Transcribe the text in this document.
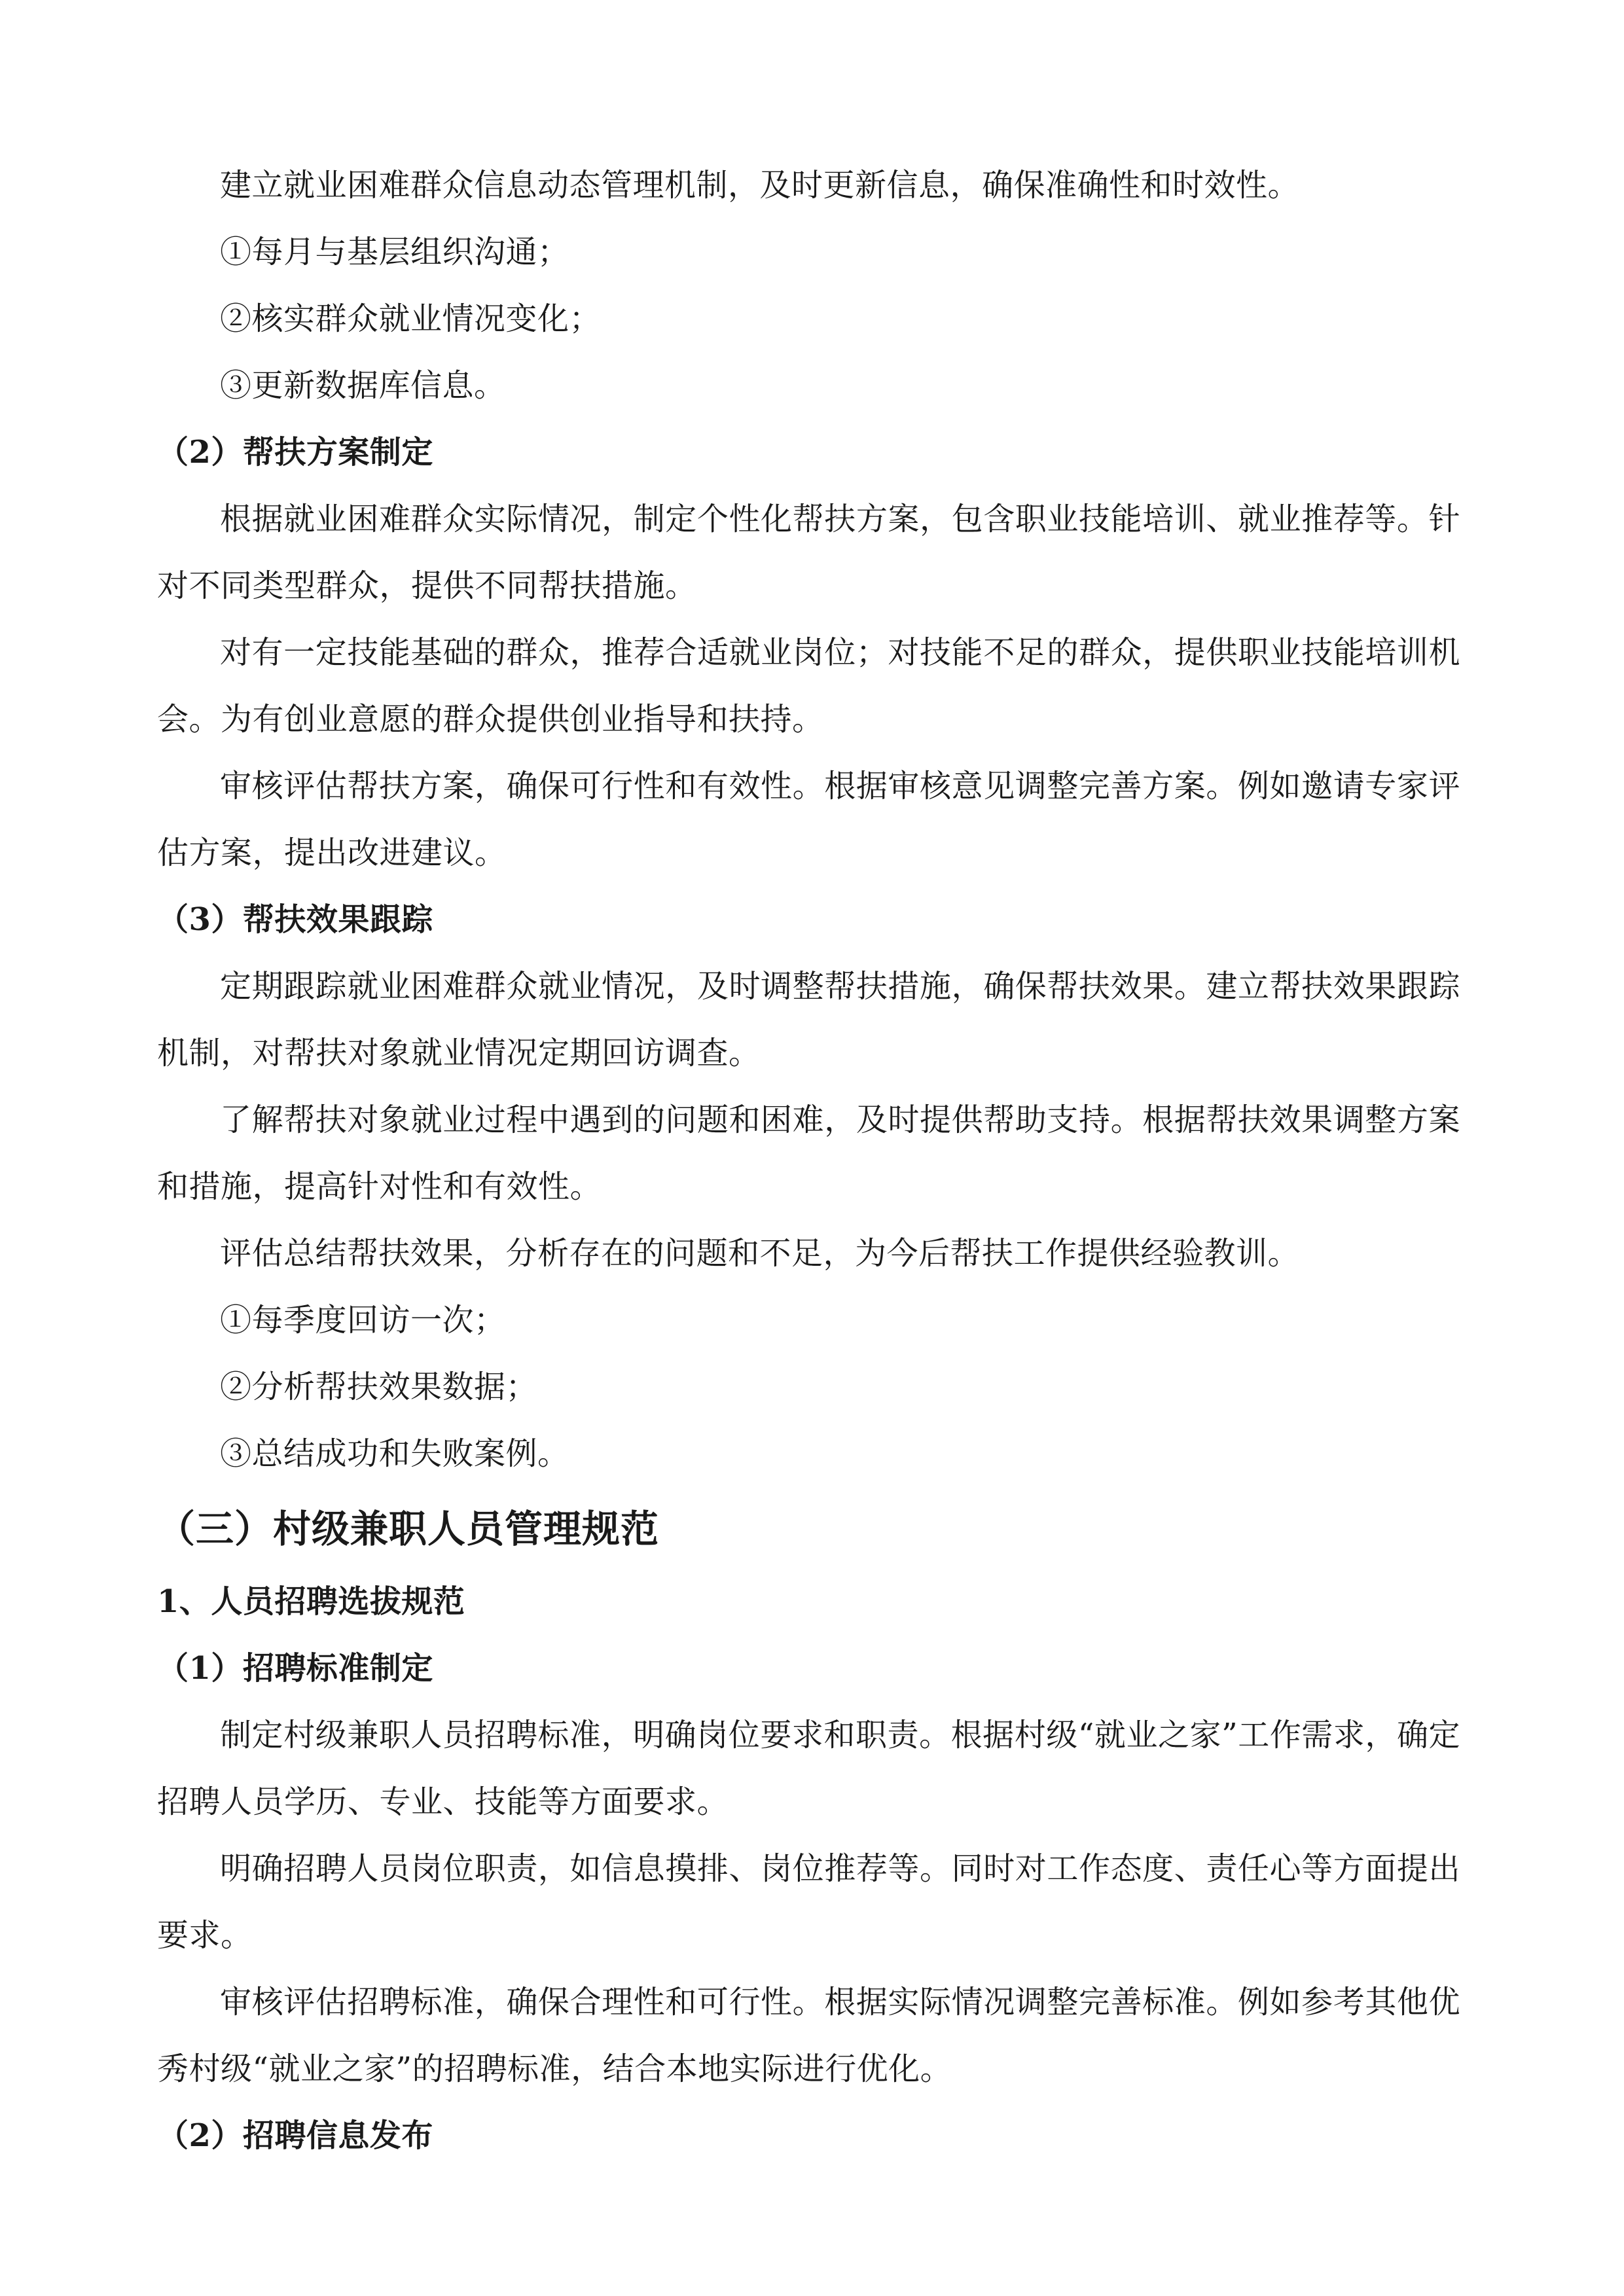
建立就业困难群众信息动态管理机制，及时更新信息，确保准确性和时效性。

①每月与基层组织沟通；

②核实群众就业情况变化；

③更新数据库信息。

（2）帮扶方案制定

根据就业困难群众实际情况，制定个性化帮扶方案，包含职业技能培训、就业推荐等。针对不同类型群众，提供不同帮扶措施。

对有一定技能基础的群众，推荐合适就业岗位；对技能不足的群众，提供职业技能培训机会。为有创业意愿的群众提供创业指导和扶持。

审核评估帮扶方案，确保可行性和有效性。根据审核意见调整完善方案。例如邀请专家评估方案，提出改进建议。

（3）帮扶效果跟踪

定期跟踪就业困难群众就业情况，及时调整帮扶措施，确保帮扶效果。建立帮扶效果跟踪机制，对帮扶对象就业情况定期回访调查。

了解帮扶对象就业过程中遇到的问题和困难，及时提供帮助支持。根据帮扶效果调整方案和措施，提高针对性和有效性。

评估总结帮扶效果，分析存在的问题和不足，为今后帮扶工作提供经验教训。

①每季度回访一次；

②分析帮扶效果数据；

③总结成功和失败案例。

（三）村级兼职人员管理规范
1、人员招聘选拔规范
（1）招聘标准制定

制定村级兼职人员招聘标准，明确岗位要求和职责。根据村级“就业之家”工作需求，确定招聘人员学历、专业、技能等方面要求。

明确招聘人员岗位职责，如信息摸排、岗位推荐等。同时对工作态度、责任心等方面提出要求。

审核评估招聘标准，确保合理性和可行性。根据实际情况调整完善标准。例如参考其他优秀村级“就业之家”的招聘标准，结合本地实际进行优化。

（2）招聘信息发布
